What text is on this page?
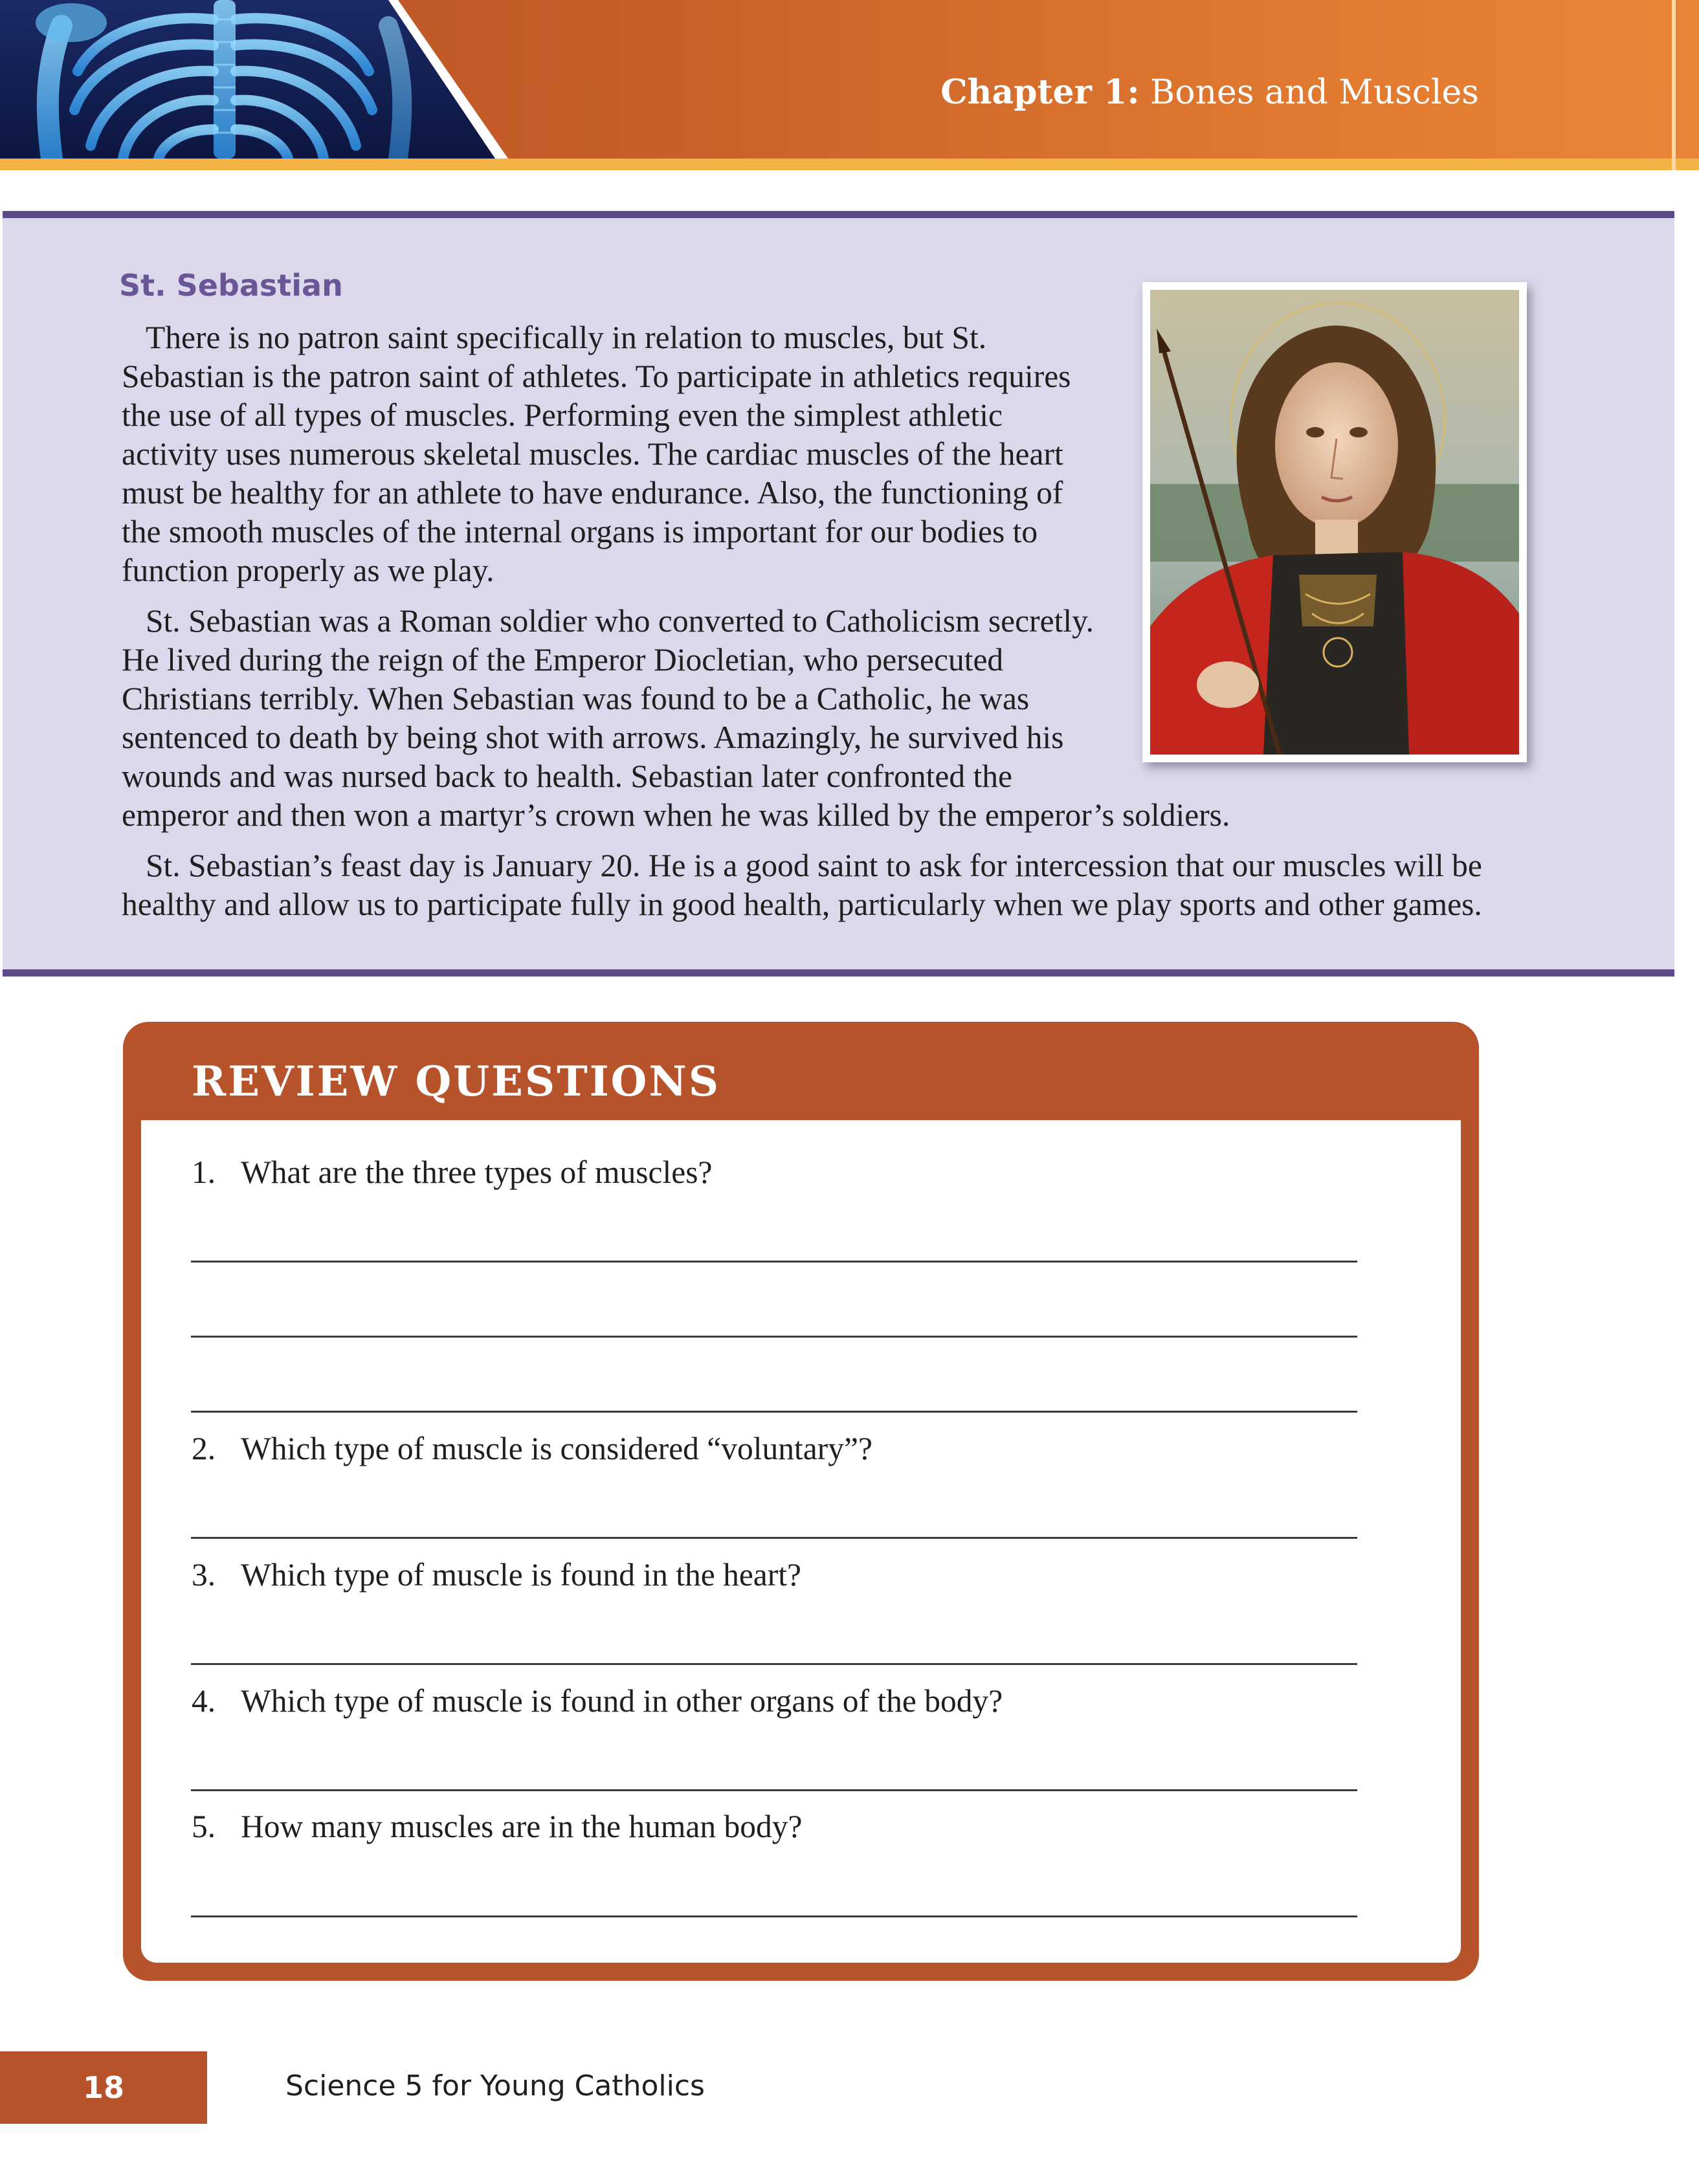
Chapter 1: Bones and Muscles
St. Sebastian

There is no patron saint specifically in relation to muscles, but St.
Sebastian is the patron saint of athletes. To participate in athletics requires
the use of all types of muscles. Performing even the simplest athletic
activity uses numerous skeletal muscles. The cardiac muscles of the heart
must be healthy for an athlete to have endurance. Also, the functioning of
the smooth muscles of the internal organs is important for our bodies to
function properly as we play.

St. Sebastian was a Roman soldier who converted to Catholicism secretly.
He lived during the reign of the Emperor Diocletian, who persecuted
Christians terribly. When Sebastian was found to be a Catholic, he was
sentenced to death by being shot with arrows. Amazingly, he survived his
wounds and was nursed back to health. Sebastian later confronted the
emperor and then won a martyr’s crown when he was killed by the emperor’s soldiers.

St. Sebastian’s feast day is January 20. He is a good saint to ask for intercession that our muscles will be
healthy and allow us to participate fully in good health, particularly when we play sports and other games.

REVIEW QUESTIONS
1. What are the three types of muscles?
2. Which type of muscle is considered “voluntary”?
3. Which type of muscle is found in the heart?
4. Which type of muscle is found in other organs of the body?
5. How many muscles are in the human body?
18	Science 5 for Young Catholics
